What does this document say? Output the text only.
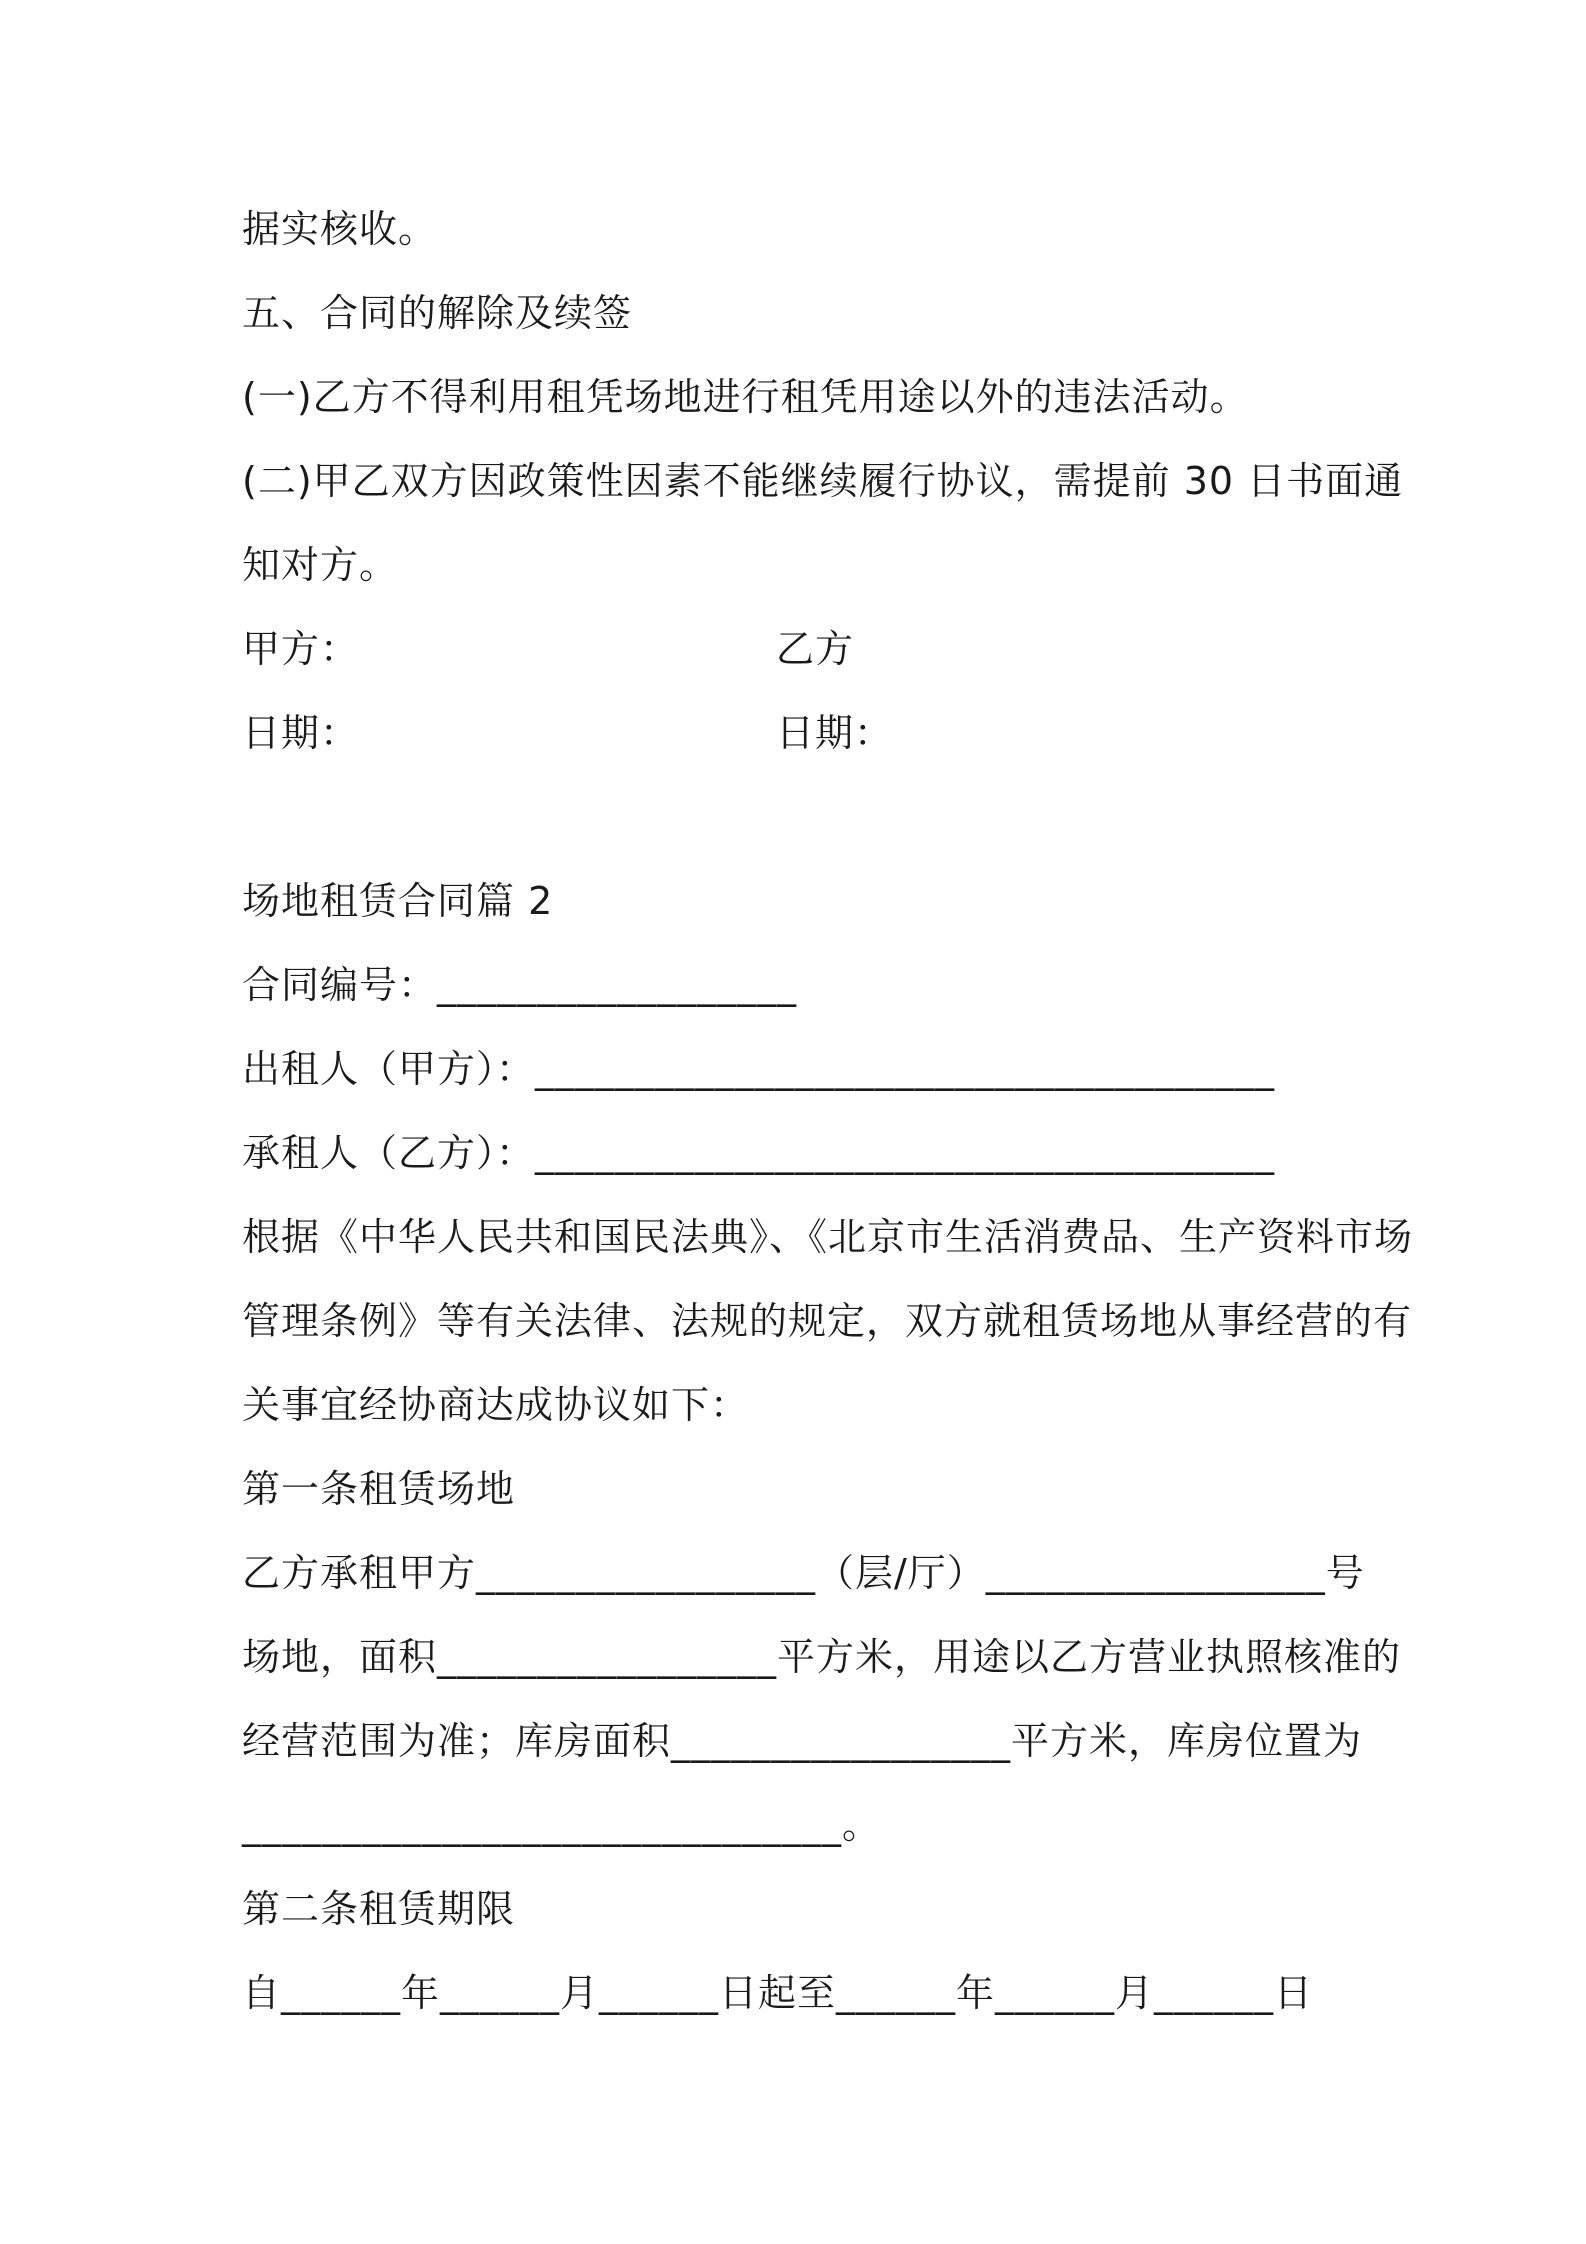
据实核收。
五、合同的解除及续签
(一)乙方不得利用租凭场地进行租凭用途以外的违法活动。
(二)甲乙双方因政策性因素不能继续履行协议，需提前 30 日书面通
知对方。
甲方：	乙方
日期：	日期：
场地租赁合同篇 2
合同编号：__________________
出租人（甲方）：_____________________________________
承租人（乙方）：_____________________________________
根据《中华人民共和国民法典》、《北京市生活消费品、生产资料市场
管理条例》等有关法律、法规的规定，双方就租赁场地从事经营的有
关事宜经协商达成协议如下：
第一条租赁场地
乙方承租甲方_________________（层/厅）_________________号
场地，面积_________________平方米，用途以乙方营业执照核准的
经营范围为准；库房面积_________________平方米，库房位置为
______________________________。
第二条租赁期限
自______年______月______日起至______年______月______日
